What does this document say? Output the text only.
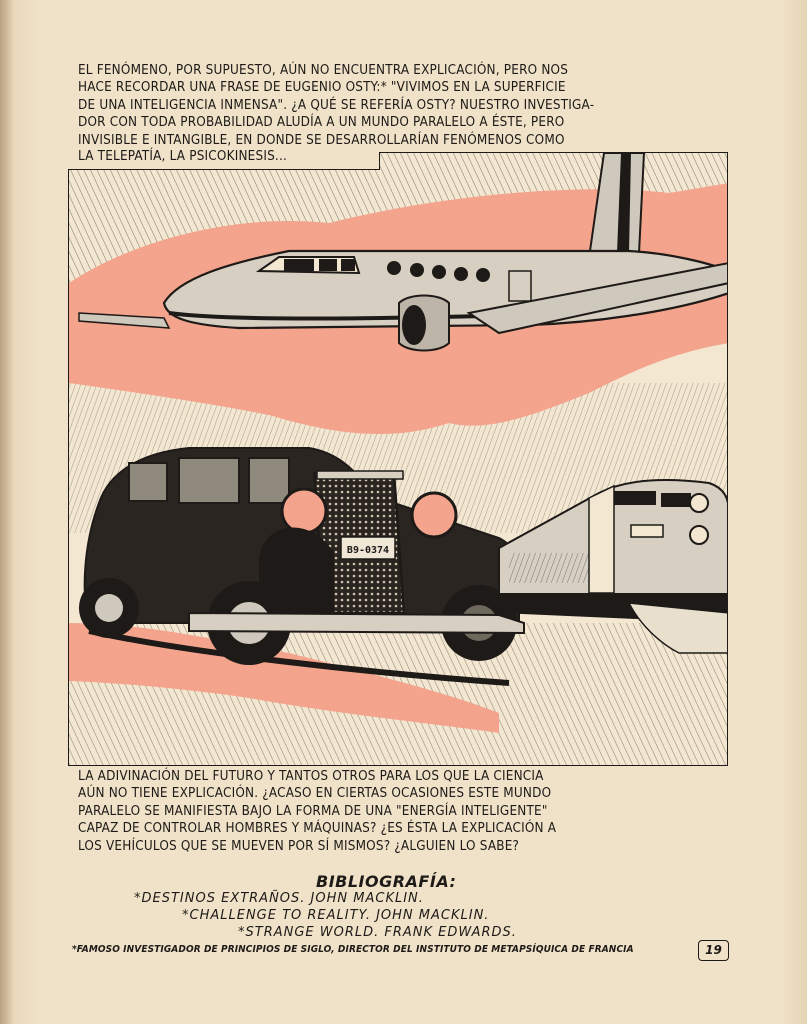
EL FENÓMENO, POR SUPUESTO, AÚN NO ENCUENTRA EXPLICACIÓN, PERO NOS
HACE RECORDAR UNA FRASE DE EUGENIO OSTY:* "VIVIMOS EN LA SUPERFICIE
DE UNA INTELIGENCIA INMENSA". ¿A QUÉ SE REFERÍA OSTY? NUESTRO INVESTIGA-
DOR CON TODA PROBABILIDAD ALUDÍA A UN MUNDO PARALELO A ÉSTE, PERO
INVISIBLE E INTANGIBLE, EN DONDE SE DESARROLLARÍAN FENÓMENOS COMO
B9-0374
LA TELEPATÍA, LA PSICOKINESIS...
LA ADIVINACIÓN DEL FUTURO Y TANTOS OTROS PARA LOS QUE LA CIENCIA
AÚN NO TIENE EXPLICACIÓN. ¿ACASO EN CIERTAS OCASIONES ESTE MUNDO
PARALELO SE MANIFIESTA BAJO LA FORMA DE UNA "ENERGÍA INTELIGENTE"
CAPAZ DE CONTROLAR HOMBRES Y MÁQUINAS? ¿ES ÉSTA LA EXPLICACIÓN A
LOS VEHÍCULOS QUE SE MUEVEN POR SÍ MISMOS? ¿ALGUIEN LO SABE?
BIBLIOGRAFÍA:
*DESTINOS EXTRAÑOS. JOHN MACKLIN.
*CHALLENGE TO REALITY. JOHN MACKLIN.
*STRANGE WORLD. FRANK EDWARDS.
*FAMOSO INVESTIGADOR DE PRINCIPIOS DE SIGLO, DIRECTOR DEL INSTITUTO DE METAPSÍQUICA DE FRANCIA	19
